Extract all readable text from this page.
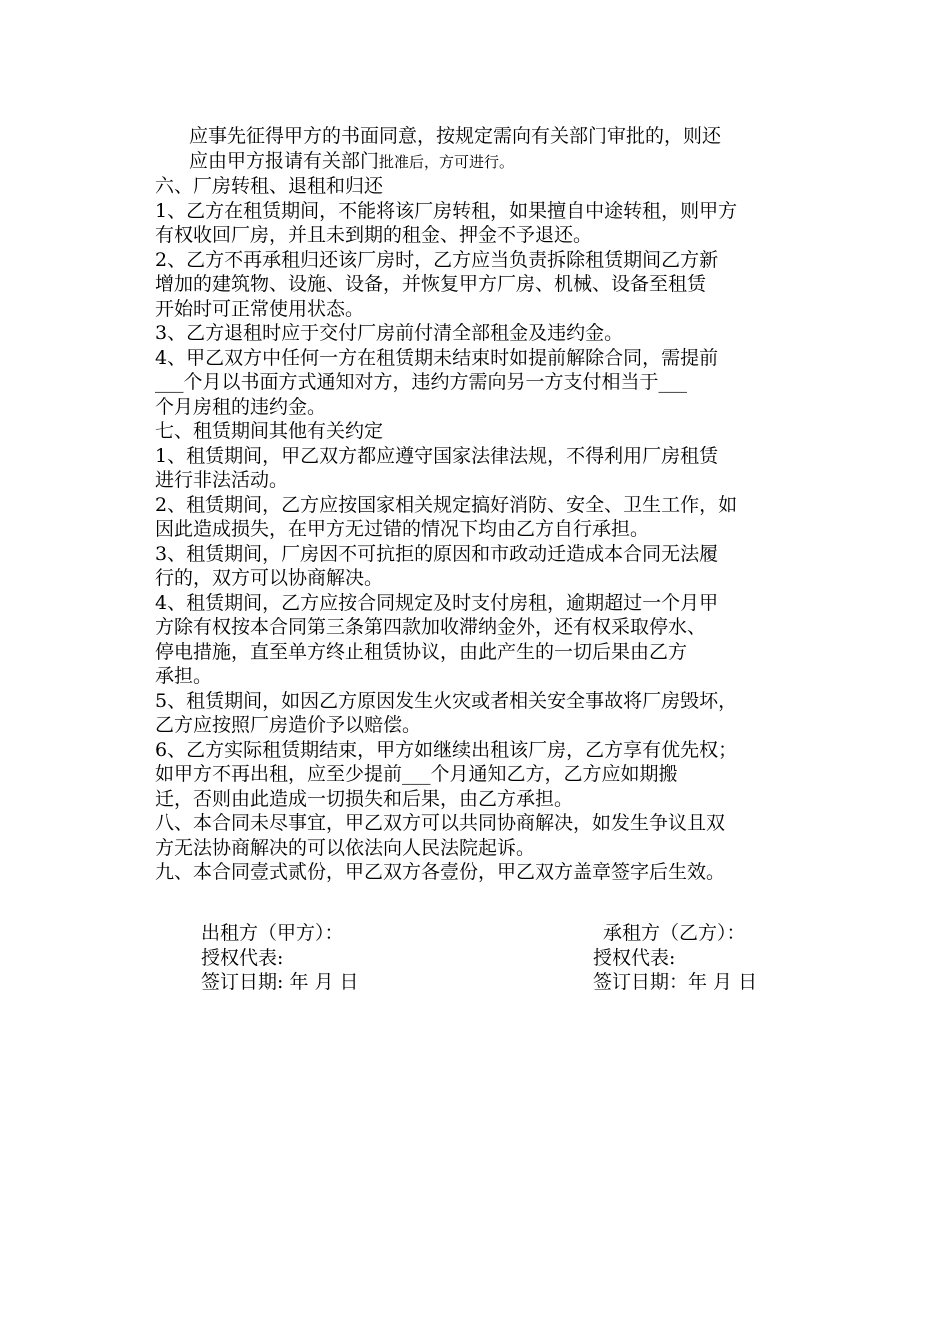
应事先征得甲方的书面同意，按规定需向有关部门审批的，则还
应由甲方报请有关部门批准后，方可进行。
六、厂房转租、退租和归还
1、乙方在租赁期间，不能将该厂房转租，如果擅自中途转租，则甲方
有权收回厂房，并且未到期的租金、押金不予退还。
2、乙方不再承租归还该厂房时，乙方应当负责拆除租赁期间乙方新
增加的建筑物、设施、设备，并恢复甲方厂房、机械、设备至租赁
开始时可正常使用状态。
3、乙方退租时应于交付厂房前付清全部租金及违约金。
4、甲乙双方中任何一方在租赁期未结束时如提前解除合同，需提前
___个月以书面方式通知对方，违约方需向另一方支付相当于___
个月房租的违约金。
七、租赁期间其他有关约定
1、租赁期间，甲乙双方都应遵守国家法律法规，不得利用厂房租赁
进行非法活动。
2、租赁期间，乙方应按国家相关规定搞好消防、安全、卫生工作，如
因此造成损失，在甲方无过错的情况下均由乙方自行承担。
3、租赁期间，厂房因不可抗拒的原因和市政动迁造成本合同无法履
行的，双方可以协商解决。
4、租赁期间，乙方应按合同规定及时支付房租，逾期超过一个月甲
方除有权按本合同第三条第四款加收滞纳金外，还有权采取停水、
停电措施，直至单方终止租赁协议，由此产生的一切后果由乙方
承担。
5、租赁期间，如因乙方原因发生火灾或者相关安全事故将厂房毁坏，
乙方应按照厂房造价予以赔偿。
6、乙方实际租赁期结束，甲方如继续出租该厂房，乙方享有优先权；
如甲方不再出租，应至少提前___个月通知乙方，乙方应如期搬
迁，否则由此造成一切损失和后果，由乙方承担。
八、本合同未尽事宜，甲乙双方可以共同协商解决，如发生争议且双
方无法协商解决的可以依法向人民法院起诉。
九、本合同壹式贰份，甲乙双方各壹份，甲乙双方盖章签字后生效。
出租方（甲方）：
授权代表:
签订日期: 年 月 日
承租方（乙方）：
授权代表:
签订日期：年 月 日
